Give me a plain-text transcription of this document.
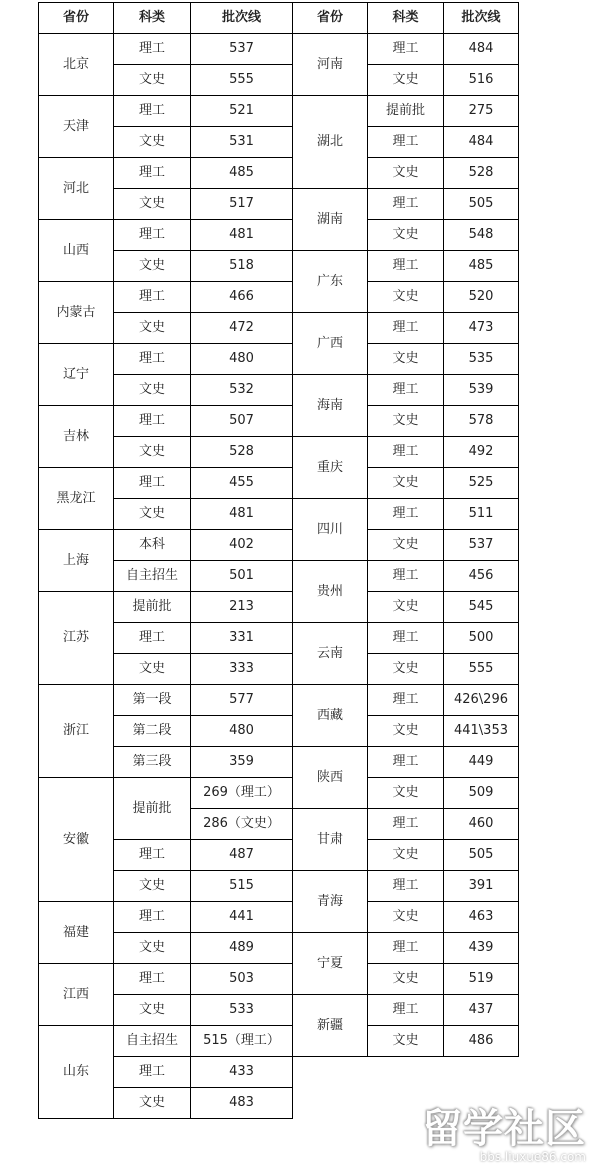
省份	科类	批次线	省份	科类	批次线
北京	理工	537	河南	理工	484
	文史	555		文史	516
天津	理工	521	湖北	提前批	275
	文史	531		理工	484
河北	理工	485		文史	528
	文史	517	湖南	理工	505
山西	理工	481		文史	548
	文史	518	广东	理工	485
内蒙古	理工	466		文史	520
	文史	472	广西	理工	473
辽宁	理工	480		文史	535
	文史	532	海南	理工	539
吉林	理工	507		文史	578
	文史	528	重庆	理工	492
黑龙江	理工	455		文史	525
	文史	481	四川	理工	511
上海	本科	402		文史	537
	自主招生	501	贵州	理工	456
江苏	提前批	213		文史	545
	理工	331	云南	理工	500
	文史	333		文史	555
浙江	第一段	577	西藏	理工	426\296
	第二段	480		文史	441\353
	第三段	359	陕西	理工	449
安徽	提前批	269（理工）		文史	509
		286（文史）	甘肃	理工	460
	理工	487		文史	505
	文史	515	青海	理工	391
福建	理工	441		文史	463
	文史	489	宁夏	理工	439
江西	理工	503		文史	519
	文史	533	新疆	理工	437
山东	自主招生	515（理工）		文史	486
	理工	433			
	文史	483			
留学社区
bbs.liuxue86.com
